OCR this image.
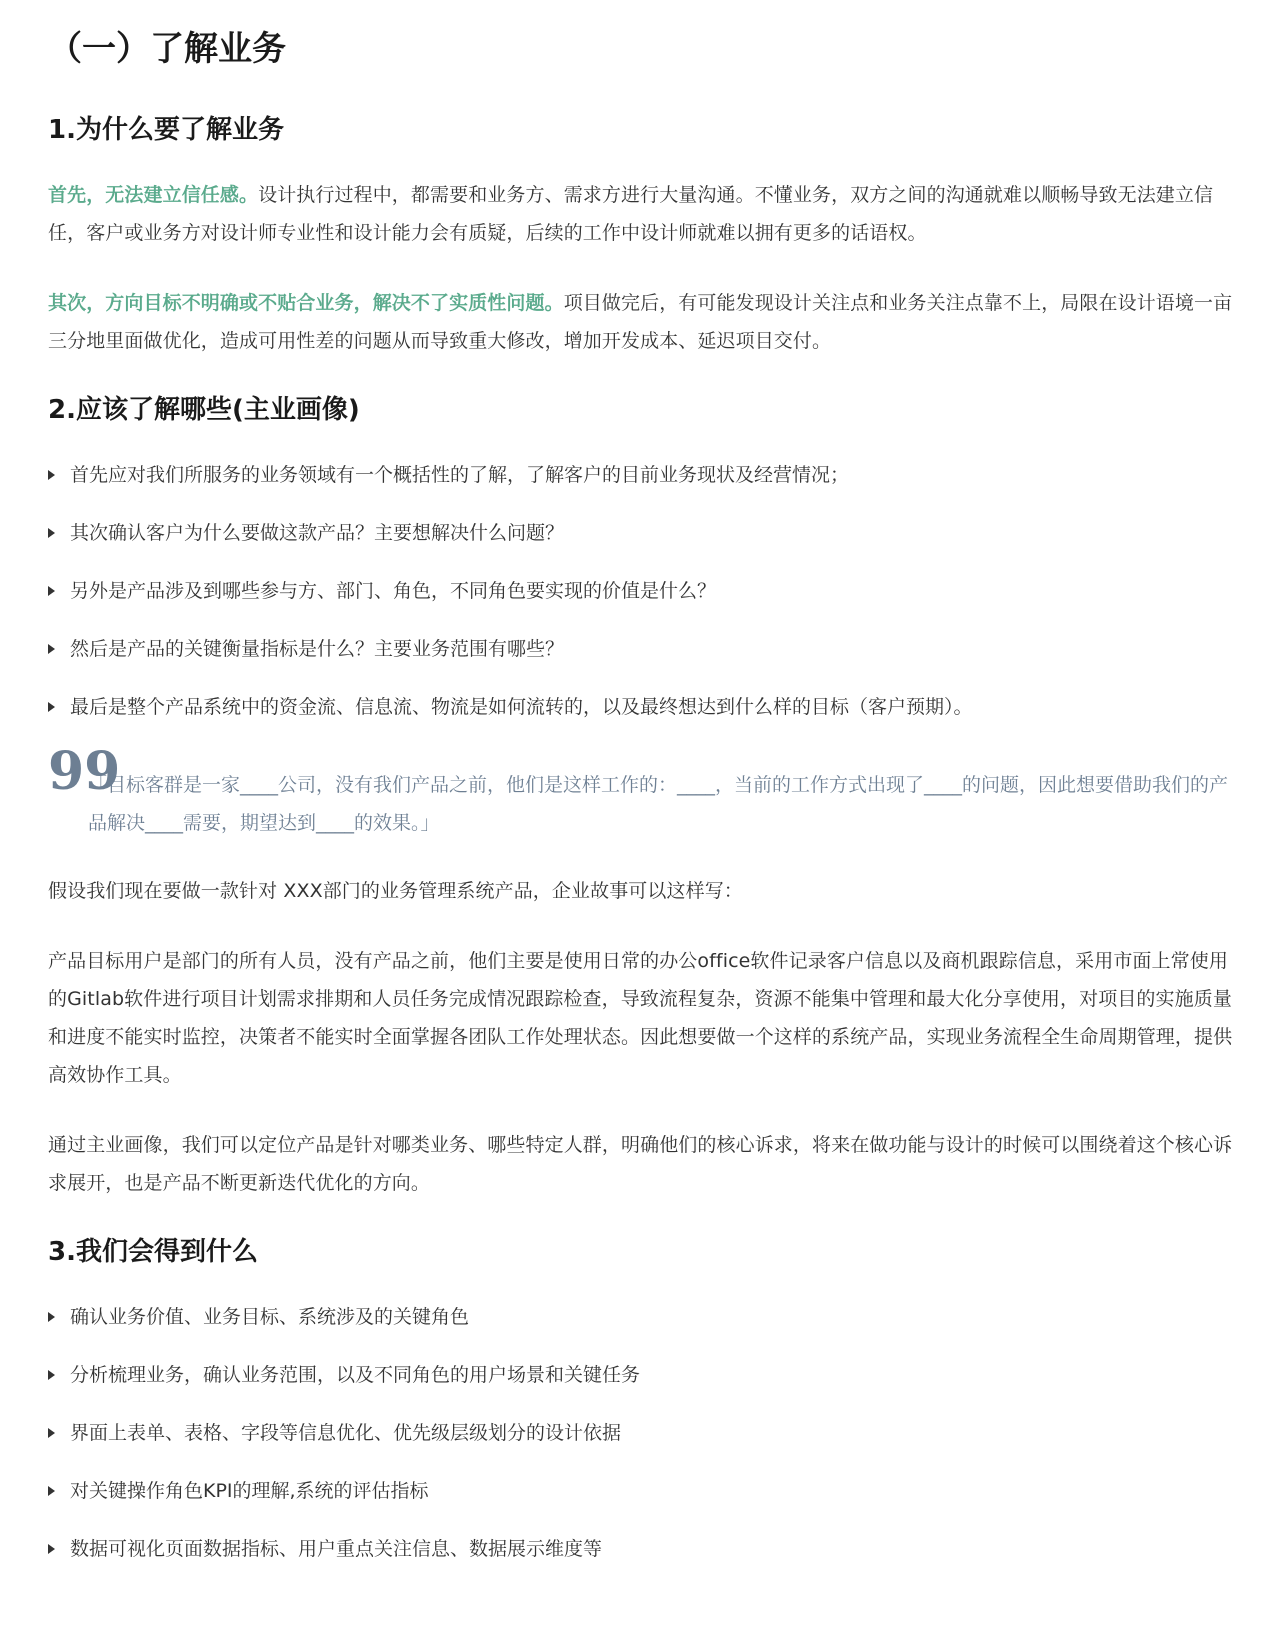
（一）了解业务
1.为什么要了解业务

首先，无法建立信任感。设计执行过程中，都需要和业务方、需求方进行大量沟通。不懂业务，双方之间的沟通就难以顺畅导致无法建立信任，客户或业务方对设计师专业性和设计能力会有质疑，后续的工作中设计师就难以拥有更多的话语权。

其次，方向目标不明确或不贴合业务，解决不了实质性问题。项目做完后，有可能发现设计关注点和业务关注点靠不上，局限在设计语境一亩三分地里面做优化，造成可用性差的问题从而导致重大修改，增加开发成本、延迟项目交付。

2.应该了解哪些(主业画像)
首先应对我们所服务的业务领域有一个概括性的了解，了解客户的目前业务现状及经营情况；
其次确认客户为什么要做这款产品？主要想解决什么问题？
另外是产品涉及到哪些参与方、部门、角色，不同角色要实现的价值是什么？
然后是产品的关键衡量指标是什么？主要业务范围有哪些？
最后是整个产品系统中的资金流、信息流、物流是如何流转的，以及最终想达到什么样的目标（客户预期）。
99
「目标客群是一家____公司，没有我们产品之前，他们是这样工作的：____，当前的工作方式出现了____的问题，因此想要借助我们的产品解决____需要，期望达到____的效果。」

假设我们现在要做一款针对 XXX部门的业务管理系统产品，企业故事可以这样写：

产品目标用户是部门的所有人员，没有产品之前，他们主要是使用日常的办公office软件记录客户信息以及商机跟踪信息，采用市面上常使用的Gitlab软件进行项目计划需求排期和人员任务完成情况跟踪检查，导致流程复杂，资源不能集中管理和最大化分享使用，对项目的实施质量和进度不能实时监控，决策者不能实时全面掌握各团队工作处理状态。因此想要做一个这样的系统产品，实现业务流程全生命周期管理，提供高效协作工具。

通过主业画像，我们可以定位产品是针对哪类业务、哪些特定人群，明确他们的核心诉求，将来在做功能与设计的时候可以围绕着这个核心诉求展开，也是产品不断更新迭代优化的方向。

3.我们会得到什么
确认业务价值、业务目标、系统涉及的关键角色
分析梳理业务，确认业务范围，以及不同角色的用户场景和关键任务
界面上表单、表格、字段等信息优化、优先级层级划分的设计依据
对关键操作角色KPI的理解,系统的评估指标
数据可视化页面数据指标、用户重点关注信息、数据展示维度等
